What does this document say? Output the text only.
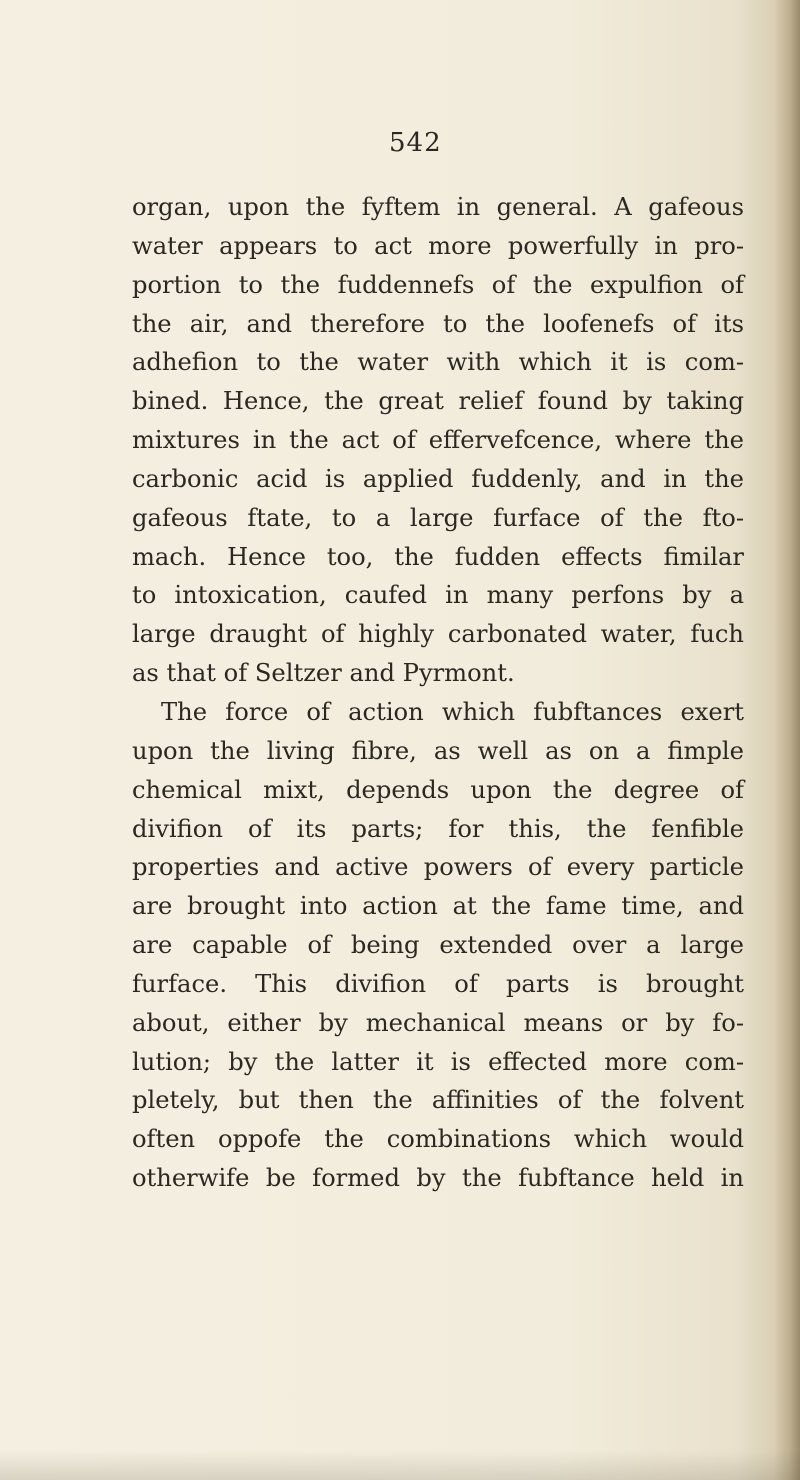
542
organ, upon the fyftem in general. A gafeous
water appears to act more powerfully in pro-
portion to the fuddennefs of the expulfion of
the air, and therefore to the loofenefs of its
adhefion to the water with which it is com-
bined. Hence, the great relief found by taking
mixtures in the act of effervefcence, where the
carbonic acid is applied fuddenly, and in the
gafeous ftate, to a large furface of the fto-
mach. Hence too, the fudden effects fimilar
to intoxication, caufed in many perfons by a
large draught of highly carbonated water, fuch
as that of Seltzer and Pyrmont.
The force of action which fubftances exert
upon the living fibre, as well as on a fimple
chemical mixt, depends upon the degree of
divifion of its parts; for this, the fenfible
properties and active powers of every particle
are brought into action at the fame time, and
are capable of being extended over a large
furface. This divifion of parts is brought
about, either by mechanical means or by fo-
lution; by the latter it is effected more com-
pletely, but then the affinities of the folvent
often oppofe the combinations which would
otherwife be formed by the fubftance held in
